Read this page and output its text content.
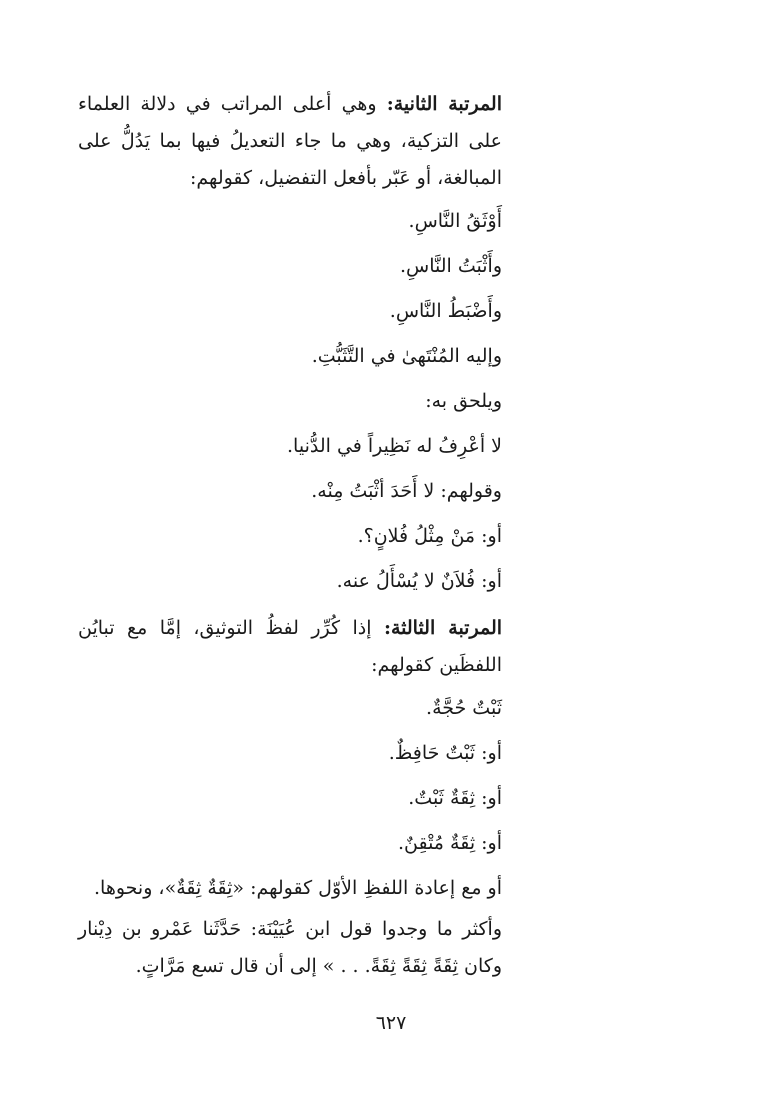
المرتبة الثانية: وهي أعلى المراتب في دلالة العلماء على التزكية، وهي ما جاء التعديلُ فيها بما يَدُلُّ على المبالغة، أو عَبّر بأفعل التفضيل، كقولهم:

أَوْثَقُ النَّاسِ.

وأَثْبَتُ النَّاسِ.

وأَضْبَطُ النَّاسِ.

وإليه المُنْتَهىٰ في التَّثَبُّتِ.

ويلحق به:

لا أعْرِفُ له نَظِيراً في الدُّنيا.

وقولهم: لا أَحَدَ أثْبَتُ مِنْه.

أو: مَنْ مِثْلُ فُلانٍ؟.

أو: فُلاَنٌ لا يُسْأَلُ عنه.

المرتبة الثالثة: إذا كُرِّر لفظُ التوثيق، إمَّا مع تبايُن اللفظَين كقولهم:

ثَبْتٌ حُجَّةٌ.

أو: ثَبْتٌ حَافِظٌ.

أو: ثِقَةٌ ثَبْتٌ.

أو: ثِقَةٌ مُتْقِنٌ.

أو مع إعادة اللفظِ الأوّل كقولهم: «ثِقَةٌ ثِقَةٌ»، ونحوها.

وأكثر ما وجدوا قول ابن عُيَيْنَة: حَدَّثَنا عَمْرو بن دِيْنار وكان ثِقَةً ثِقَةً ثِقَةً. . . » إلى أن قال تسع مَرَّاتٍ.

٦٢٧
